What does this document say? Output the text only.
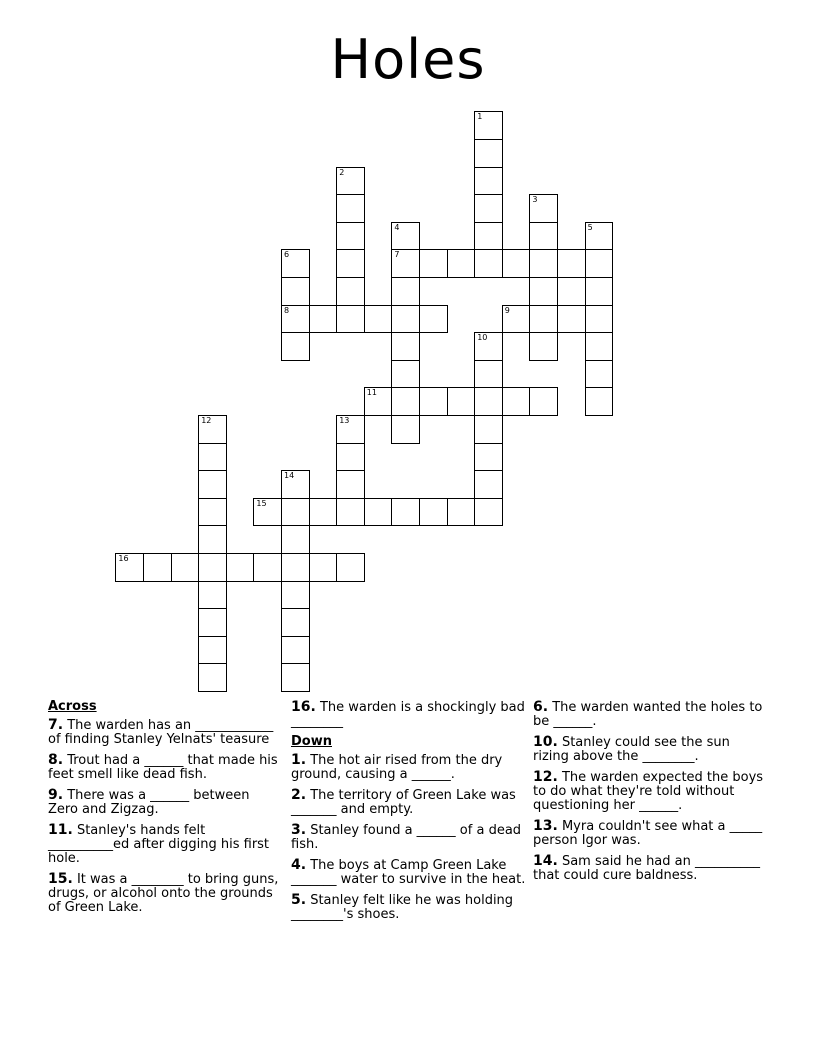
Holes
1
2
3
4
7
5
6
8	9
10
11
12	13
14
15
16
Across
7. The warden has an ____________ of finding Stanley Yelnats' teasure
8. Trout had a ______ that made his feet smell like dead fish.
9. There was a ______ between Zero and Zigzag.
11. Stanley's hands felt __________ed after digging his first hole.
15. It was a ________ to bring guns, drugs, or alcohol onto the grounds of Green Lake.
16. The warden is a shockingly bad ________
Down
1. The hot air rised from the dry ground, causing a ______.
2. The territory of Green Lake was _______ and empty.
3. Stanley found a ______ of a dead fish.
4. The boys at Camp Green Lake _______ water to survive in the heat.
5. Stanley felt like he was holding ________'s shoes.
6. The warden wanted the holes to be ______.
10. Stanley could see the sun rizing above the ________.
12. The warden expected the boys to do what they're told without questioning her ______.
13. Myra couldn't see what a _____ person Igor was.
14. Sam said he had an __________ that could cure baldness.
